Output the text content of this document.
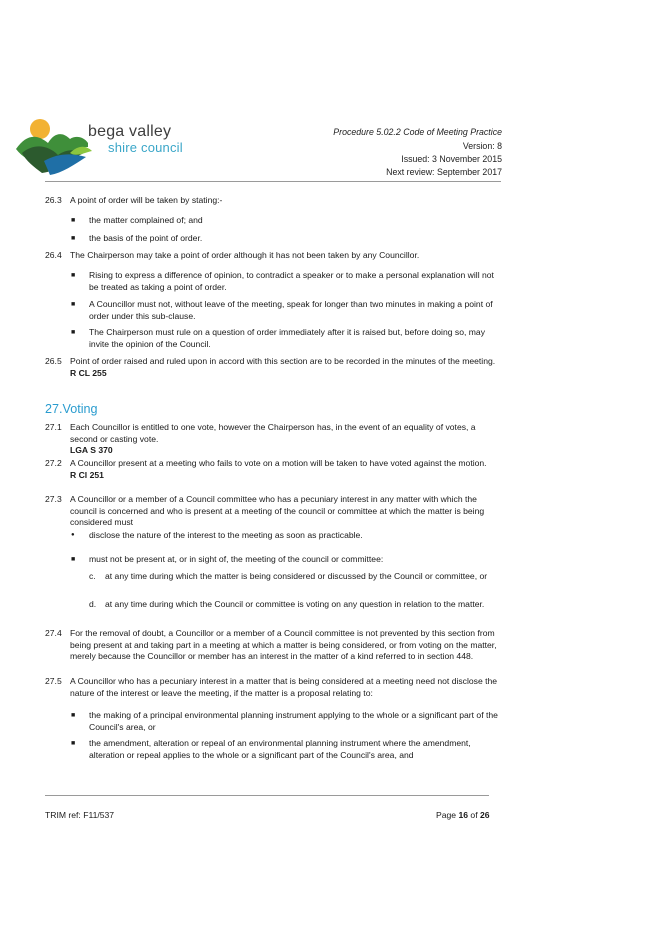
bega valley
shire council
Procedure 5.02.2 Code of Meeting Practice
Version: 8
Issued: 3 November 2015
Next review: September 2017
26.3 A point of order will be taken by stating:-
■ the matter complained of; and
■ the basis of the point of order.
26.4 The Chairperson may take a point of order although it has not been taken by any Councillor.
■ Rising to express a difference of opinion, to contradict a speaker or to make a personal explanation will not be treated as taking a point of order.
■ A Councillor must not, without leave of the meeting, speak for longer than two minutes in making a point of order under this sub-clause.
■ The Chairperson must rule on a question of order immediately after it is raised but, before doing so, may invite the opinion of the Council.
26.5 Point of order raised and ruled upon in accord with this section are to be recorded in the minutes of the meeting.
R CL 255
27.Voting
27.1 Each Councillor is entitled to one vote, however the Chairperson has, in the event of an equality of votes, a second or casting vote.
LGA S 370
27.2 A Councillor present at a meeting who fails to vote on a motion will be taken to have voted against the motion.
R Cl 251
27.3 A Councillor or a member of a Council committee who has a pecuniary interest in any matter with which the council is concerned and who is present at a meeting of the council or committee at which the matter is being considered must
● disclose the nature of the interest to the meeting as soon as practicable.
■ must not be present at, or in sight of, the meeting of the council or committee:
c. at any time during which the matter is being considered or discussed by the Council or committee, or
d. at any time during which the Council or committee is voting on any question in relation to the matter.
27.4 For the removal of doubt, a Councillor or a member of a Council committee is not prevented by this section from being present at and taking part in a meeting at which a matter is being considered, or from voting on the matter, merely because the Councillor or member has an interest in the matter of a kind referred to in section 448.
27.5 A Councillor who has a pecuniary interest in a matter that is being considered at a meeting need not disclose the nature of the interest or leave the meeting, if the matter is a proposal relating to:
■ the making of a principal environmental planning instrument applying to the whole or a significant part of the Council's area, or
■ the amendment, alteration or repeal of an environmental planning instrument where the amendment, alteration or repeal applies to the whole or a significant part of the Council's area, and
TRIM ref: F11/537	Page 16 of 26
